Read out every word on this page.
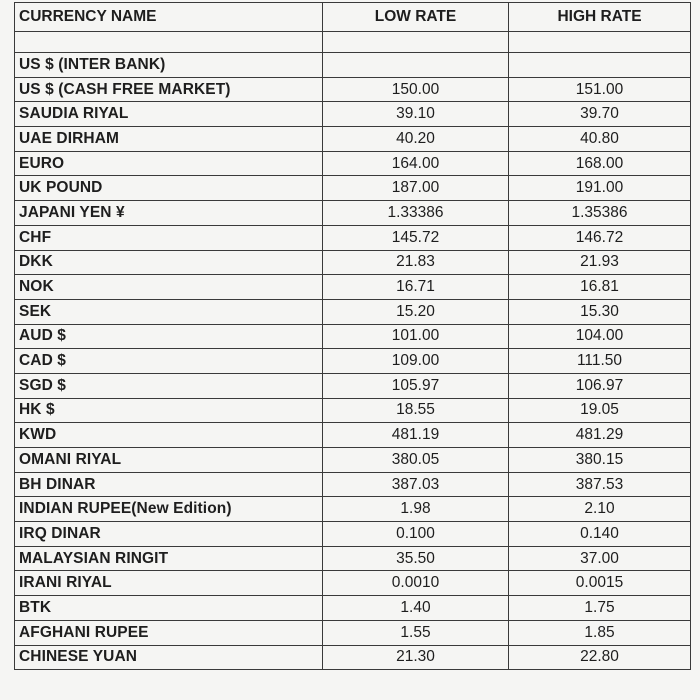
CURRENCY NAME	LOW RATE	HIGH RATE

US $ (INTER BANK)		
US $ (CASH FREE MARKET)	150.00	151.00
SAUDIA RIYAL	39.10	39.70
UAE DIRHAM	40.20	40.80
EURO	164.00	168.00
UK POUND	187.00	191.00
JAPANI YEN ¥	1.33386	1.35386
CHF	145.72	146.72
DKK	21.83	21.93
NOK	16.71	16.81
SEK	15.20	15.30
AUD $	101.00	104.00
CAD $	109.00	111.50
SGD $	105.97	106.97
HK $	18.55	19.05
KWD	481.19	481.29
OMANI RIYAL	380.05	380.15
BH DINAR	387.03	387.53
INDIAN RUPEE(New Edition)	1.98	2.10
IRQ DINAR	0.100	0.140
MALAYSIAN RINGIT	35.50	37.00
IRANI RIYAL	0.0010	0.0015
BTK	1.40	1.75
AFGHANI RUPEE	1.55	1.85
CHINESE YUAN	21.30	22.80
